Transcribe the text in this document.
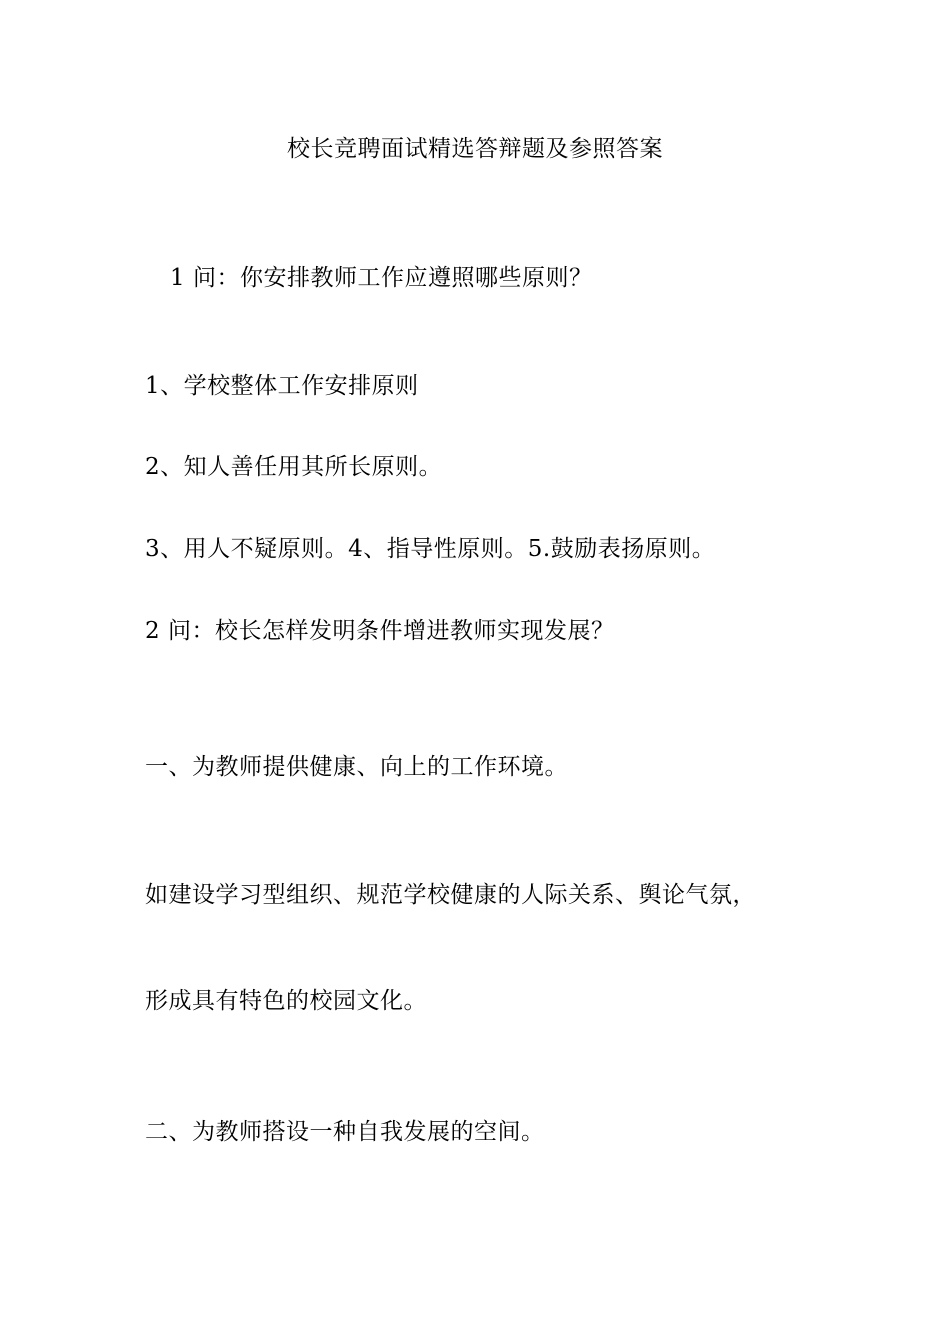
校长竞聘面试精选答辩题及参照答案
1 问：你安排教师工作应遵照哪些原则？
1、学校整体工作安排原则
2、知人善任用其所长原则。
3、用人不疑原则。4、指导性原则。5.鼓励表扬原则。
2 问：校长怎样发明条件增进教师实现发展？
一、为教师提供健康、向上的工作环境。
如建设学习型组织、规范学校健康的人际关系、舆论气氛，
形成具有特色的校园文化。
二、为教师搭设一种自我发展的空间。
